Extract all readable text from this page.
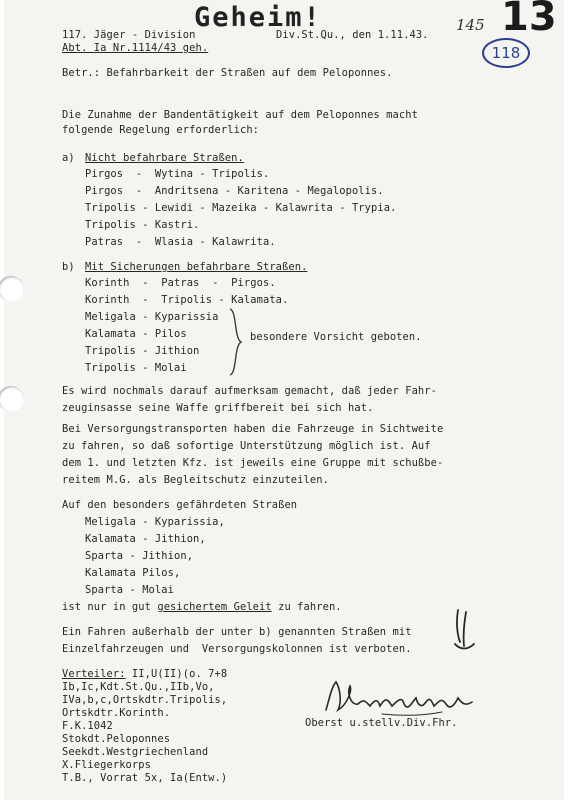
Geheim!	145 13
118
117. Jäger - Division	Div.St.Qu., den 1.11.43.
Abt. Ia Nr.1114/43 geh.
Betr.: Befahrbarkeit der Straßen auf dem Peloponnes.
Die Zunahme der Bandentätigkeit auf dem Peloponnes macht
folgende Regelung erforderlich:
a) Nicht befahrbare Straßen.
Pirgos  -  Wytina - Tripolis.
Pirgos  -  Andritsena - Karitena - Megalopolis.
Tripolis - Lewidi - Mazeika - Kalawrita - Trypia.
Tripolis - Kastri.
Patras  -  Wlasia - Kalawrita.
b) Mit Sicherungen befahrbare Straßen.
Korinth  -  Patras  -  Pirgos.
Korinth  -  Tripolis - Kalamata.
Meligala - Kyparissia
Kalamata - Pilos
Tripolis - Jithion
Tripolis - Molai
besondere Vorsicht geboten.
Es wird nochmals darauf aufmerksam gemacht, daß jeder Fahr-
zeuginsasse seine Waffe griffbereit bei sich hat.
Bei Versorgungstransporten haben die Fahrzeuge in Sichtweite
zu fahren, so daß sofortige Unterstützung möglich ist. Auf
dem 1. und letzten Kfz. ist jeweils eine Gruppe mit schußbe-
reitem M.G. als Begleitschutz einzuteilen.
Auf den besonders gefährdeten Straßen
Meligala - Kyparissia,
Kalamata - Jithion,
Sparta - Jithion,
Kalamata Pilos,
Sparta - Molai
ist nur in gut gesichertem Geleit zu fahren.
Ein Fahren außerhalb der unter b) genannten Straßen mit
Einzelfahrzeugen und  Versorgungskolonnen ist verboten.
Verteiler: II,U(II)(o. 7+8
Ib,Ic,Kdt.St.Qu.,IIb,Vo,
IVa,b,c,Ortskdtr.Tripolis,
Ortskdtr.Korinth.
F.K.1042
Stokdt.Peloponnes
Seekdt.Westgriechenland
X.Fliegerkorps
T.B., Vorrat 5x, Ia(Entw.)
Oberst u.stellv.Div.Fhr.
